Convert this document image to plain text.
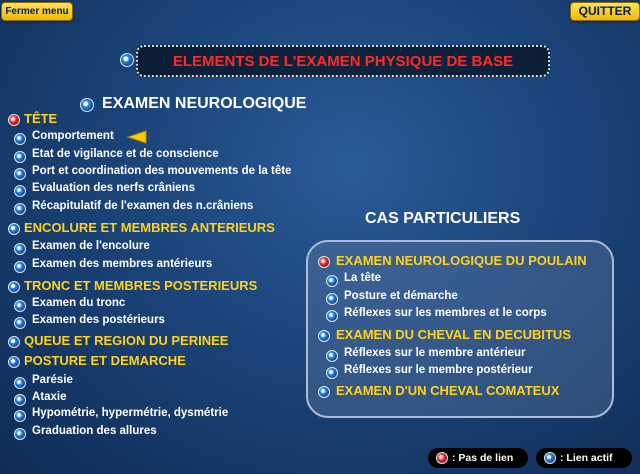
Fermer menu	QUITTER
ELEMENTS DE L'EXAMEN PHYSIQUE DE BASE
EXAMEN NEUROLOGIQUE
TÊTE
Comportement
Etat de vigilance et de conscience
Port et coordination des mouvements de la tête
Evaluation des nerfs crâniens
Récapitulatif de l'examen des n.crâniens
ENCOLURE ET MEMBRES ANTERIEURS
Examen de l'encolure
Examen des membres antérieurs
TRONC ET MEMBRES POSTERIEURS
Examen du tronc
Examen des postérieurs
QUEUE ET REGION DU PERINEE
POSTURE ET DEMARCHE
Parésie
Ataxie
Hypométrie, hypermétrie, dysmétrie
Graduation des allures
CAS PARTICULIERS
EXAMEN NEUROLOGIQUE DU POULAIN
La tête
Posture et démarche
Réflexes sur les membres et le corps
EXAMEN DU CHEVAL EN DECUBITUS
Réflexes sur le membre antérieur
Réflexes sur le membre postérieur
EXAMEN D'UN CHEVAL COMATEUX
: Pas de lien	: Lien actif
